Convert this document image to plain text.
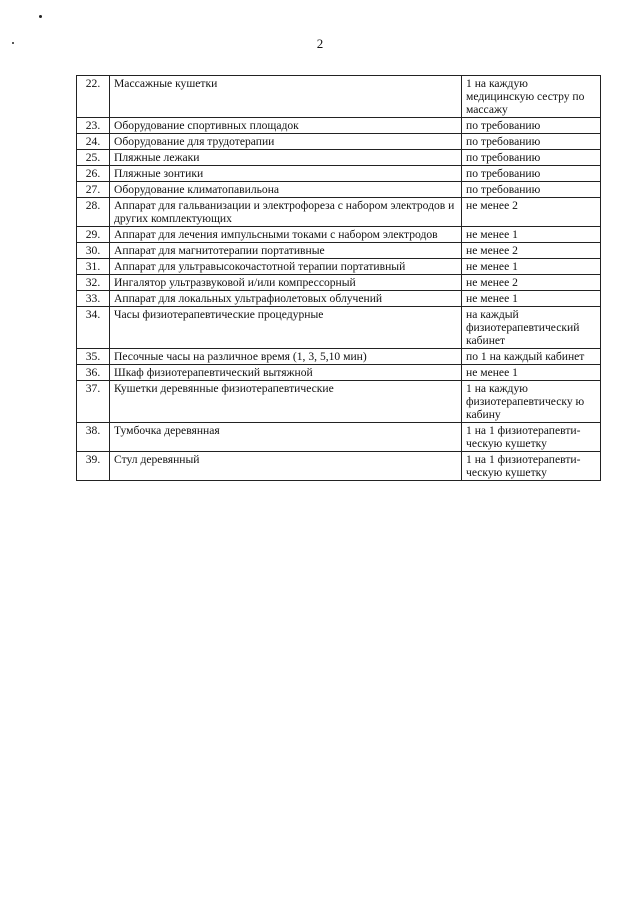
2
22.	Массажные кушетки	1 на каждую медицинскую сестру по массажу
23.	Оборудование спортивных площадок	по требованию
24.	Оборудование для трудотерапии	по требованию
25.	Пляжные лежаки	по требованию
26.	Пляжные зонтики	по требованию
27.	Оборудование климатопавильона	по требованию
28.	Аппарат для гальванизации и электрофореза с набором электродов и других комплектующих	не менее 2
29.	Аппарат для лечения импульсными токами с набором электродов	не менее 1
30.	Аппарат для магнитотерапии портативные	не менее 2
31.	Аппарат для ультравысокочастотной терапии портативный	не менее 1
32.	Ингалятор ультразвуковой и/или компрессорный	не менее 2
33.	Аппарат для локальных ультрафиолетовых облучений	не менее 1
34.	Часы физиотерапевтические процедурные	на каждый физиотерапевтический кабинет
35.	Песочные часы на различное время (1, 3, 5,10 мин)	по 1 на каждый кабинет
36.	Шкаф физиотерапевтический вытяжной	не менее 1
37.	Кушетки деревянные физиотерапевтические	1 на каждую физиотерапевтическу ю кабину
38.	Тумбочка деревянная	1 на 1 физиотерапевти-ческую кушетку
39.	Стул деревянный	1 на 1 физиотерапевти-ческую кушетку
